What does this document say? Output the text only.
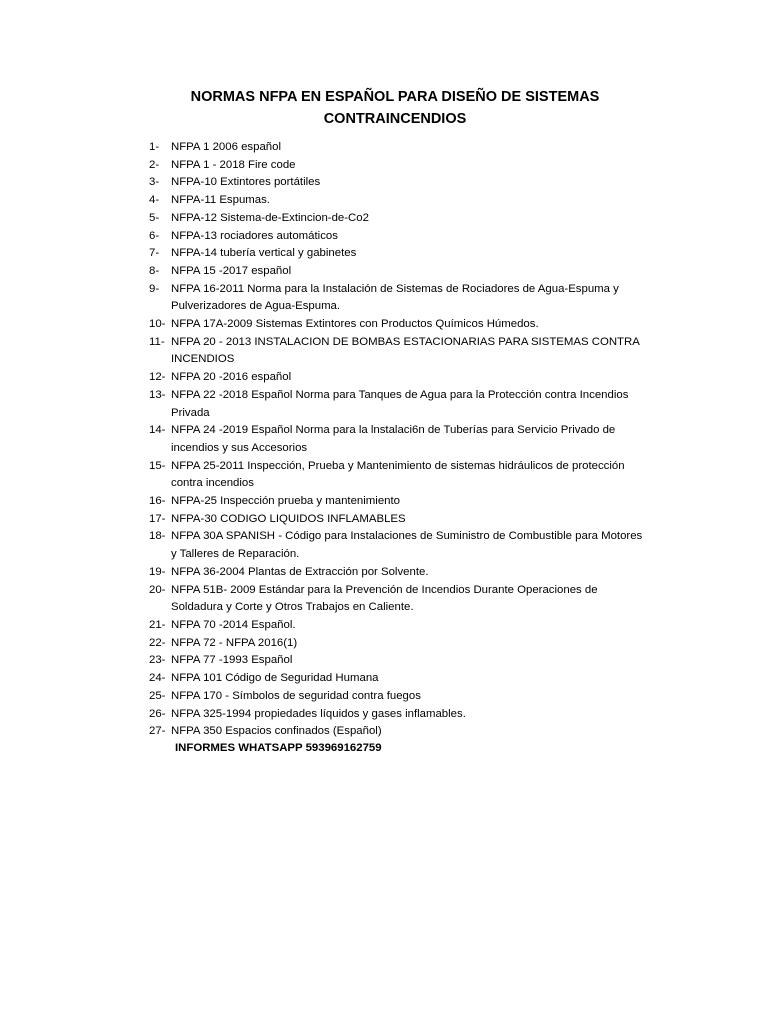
NORMAS NFPA EN ESPAÑOL PARA DISEÑO DE SISTEMAS
CONTRAINCENDIOS
1-	NFPA 1 2006 español
2-	NFPA 1 - 2018 Fire code
3-	NFPA-10 Extintores portátiles
4-	NFPA-11 Espumas.
5-	NFPA-12 Sistema-de-Extincion-de-Co2
6-	NFPA-13 rociadores automáticos
7-	NFPA-14 tubería vertical y gabinetes
8-	NFPA 15 -2017 español
9-	NFPA 16-2011 Norma para la Instalación de Sistemas de Rociadores de Agua-Espuma y Pulverizadores de Agua-Espuma.
10- NFPA 17A-2009 Sistemas Extintores con Productos Químicos Húmedos.
11- NFPA 20 - 2013 INSTALACION DE BOMBAS ESTACIONARIAS PARA SISTEMAS CONTRA INCENDIOS
12- NFPA 20 -2016 español
13- NFPA 22 -2018 Español Norma para Tanques de Agua para la Protección contra Incendios Privada
14- NFPA 24 -2019 Español Norma para la lnstalaci6n de Tuberías para Servicio Privado de incendios y sus Accesorios
15- NFPA 25-2011 Inspección, Prueba y Mantenimiento de sistemas hidráulicos de protección contra incendios
16- NFPA-25 Inspección prueba y mantenimiento
17- NFPA-30 CODIGO LIQUIDOS INFLAMABLES
18- NFPA 30A SPANISH - Código para Instalaciones de Suministro de Combustible para Motores y Talleres de Reparación.
19- NFPA 36-2004 Plantas de Extracción por Solvente.
20- NFPA 51B- 2009 Estándar para la Prevención de Incendios Durante Operaciones de Soldadura y Corte y Otros Trabajos en Caliente.
21- NFPA 70 -2014 Español.
22- NFPA 72 - NFPA 2016(1)
23- NFPA 77 -1993 Español
24- NFPA 101 Código de Seguridad Humana
25- NFPA 170 - Símbolos de seguridad contra fuegos
26- NFPA 325-1994 propiedades líquidos y gases inflamables.
27- NFPA 350 Espacios confinados (Español)
INFORMES WHATSAPP 593969162759
